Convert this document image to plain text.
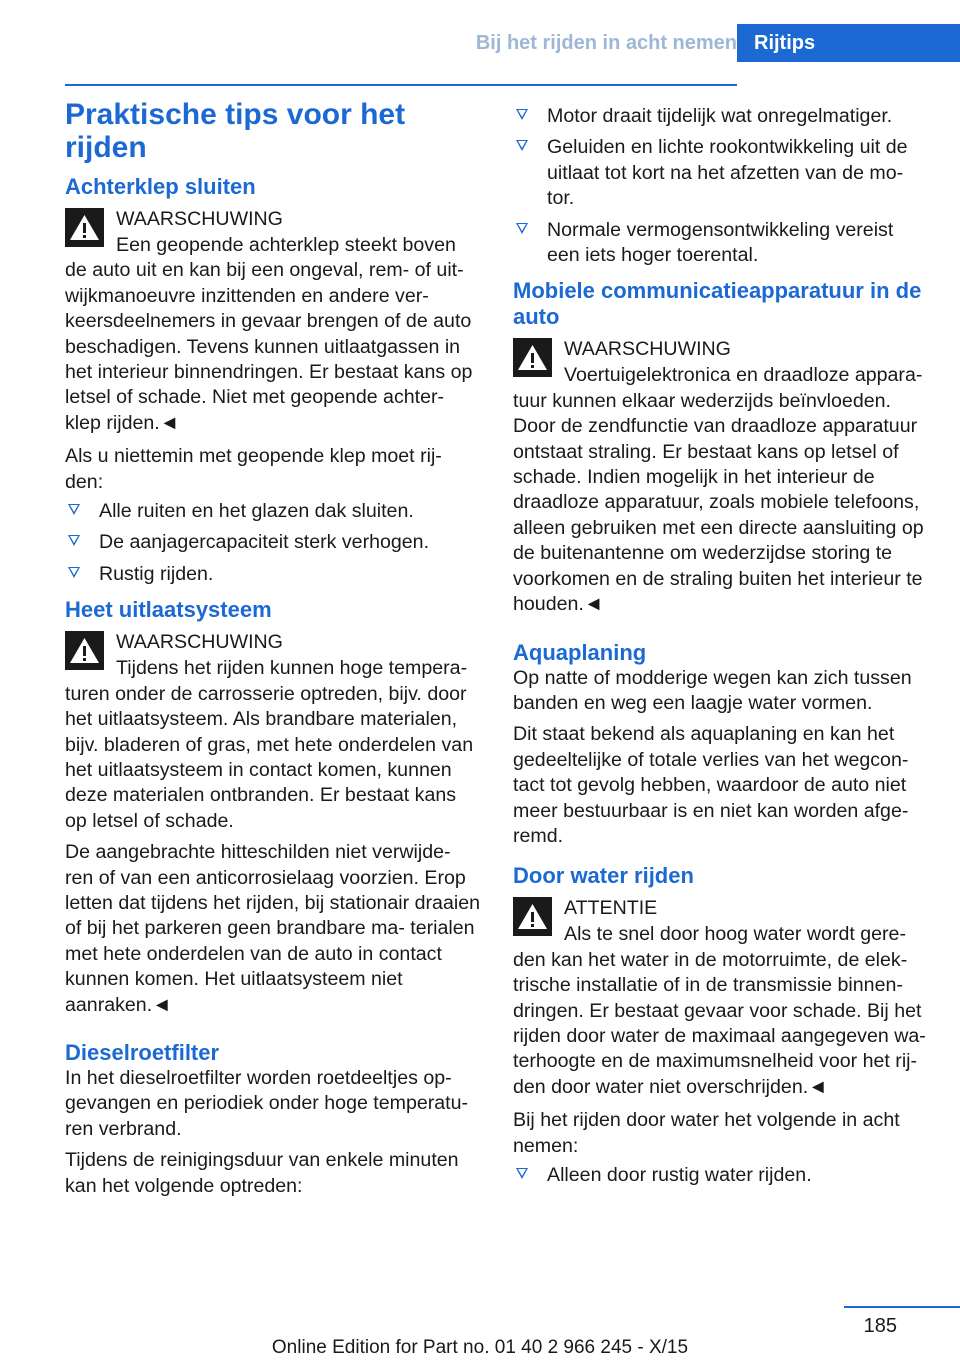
Bij het rijden in acht nemen Rijtips
Praktische tips voor het rijden
Achterklep sluiten
WAARSCHUWING

Een geopende achterklep steekt boven de auto uit en kan bij een ongeval, rem- of uit- wijkmanoeuvre inzittenden en andere ver- keersdeelnemers in gevaar brengen of de auto beschadigen. Tevens kunnen uitlaatgassen in het interieur binnendringen. Er bestaat kans op letsel of schade. Niet met geopende achter- klep rijden.◄

Als u niettemin met geopende klep moet rij- den:

Alle ruiten en het glazen dak sluiten.
De aanjagercapaciteit sterk verhogen.
Rustig rijden.
Heet uitlaatsysteem
WAARSCHUWING

Tijdens het rijden kunnen hoge tempera- turen onder de carrosserie optreden, bijv. door het uitlaatsysteem. Als brandbare materialen, bijv. bladeren of gras, met hete onderdelen van het uitlaatsysteem in contact komen, kunnen deze materialen ontbranden. Er bestaat kans op letsel of schade.

De aangebrachte hitteschilden niet verwijde- ren of van een anticorrosielaag voorzien. Erop letten dat tijdens het rijden, bij stationair draaien of bij het parkeren geen brandbare ma- terialen met hete onderdelen van de auto in contact kunnen komen. Het uitlaatsysteem niet aanraken.◄

Dieselroetfilter

In het dieselroetfilter worden roetdeeltjes op- gevangen en periodiek onder hoge temperatu- ren verbrand.

Tijdens de reinigingsduur van enkele minuten kan het volgende optreden:

Motor draait tijdelijk wat onregelmatiger.
Geluiden en lichte rookontwikkeling uit de uitlaat tot kort na het afzetten van de mo- tor.
Normale vermogensontwikkeling vereist een iets hoger toerental.
Mobiele communicatieapparatuur in de auto
WAARSCHUWING

Voertuigelektronica en draadloze appara- tuur kunnen elkaar wederzijds beïnvloeden. Door de zendfunctie van draadloze apparatuur ontstaat straling. Er bestaat kans op letsel of schade. Indien mogelijk in het interieur de draadloze apparatuur, zoals mobiele telefoons, alleen gebruiken met een directe aansluiting op de buitenantenne om wederzijdse storing te voorkomen en de straling buiten het interieur te houden.◄

Aquaplaning

Op natte of modderige wegen kan zich tussen banden en weg een laagje water vormen.

Dit staat bekend als aquaplaning en kan het gedeeltelijke of totale verlies van het wegcon- tact tot gevolg hebben, waardoor de auto niet meer bestuurbaar is en niet kan worden afge- remd.

Door water rijden
ATTENTIE

Als te snel door hoog water wordt gere- den kan het water in de motorruimte, de elek- trische installatie of in de transmissie binnen- dringen. Er bestaat gevaar voor schade. Bij het rijden door water de maximaal aangegeven wa- terhoogte en de maximumsnelheid voor het rij- den door water niet overschrijden.◄

Bij het rijden door water het volgende in acht nemen:

Alleen door rustig water rijden.
185
Online Edition for Part no. 01 40 2 966 245 - X/15
